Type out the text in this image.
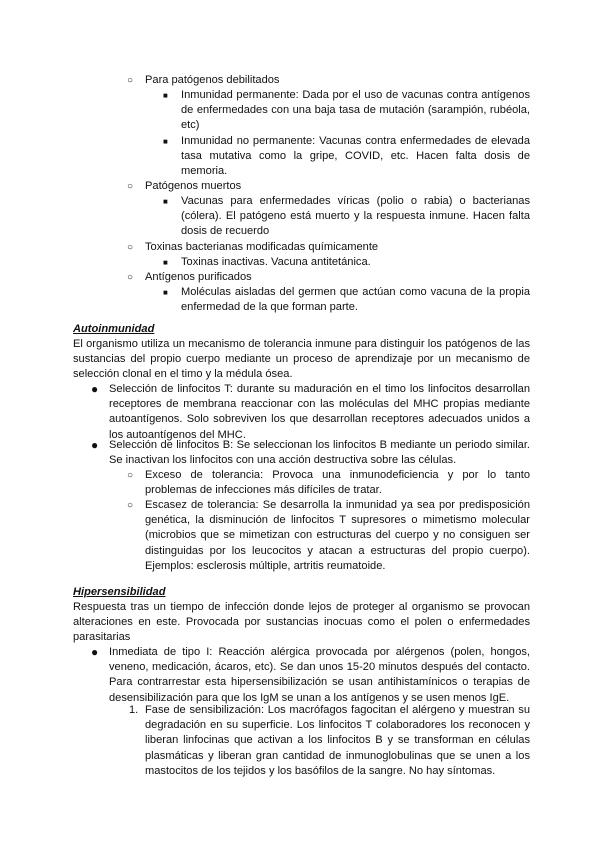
○ Para patógenos debilitados

■ Inmunidad permanente: Dada por el uso de vacunas contra antígenos de enfermedades con una baja tasa de mutación (sarampión, rubéola, etc)

■ Inmunidad no permanente: Vacunas contra enfermedades de elevada tasa mutativa como la gripe, COVID, etc. Hacen falta dosis de memoria.

○ Patógenos muertos

■ Vacunas para enfermedades víricas (polio o rabia) o bacterianas (cólera). El patógeno está muerto y la respuesta inmune. Hacen falta dosis de recuerdo

○ Toxinas bacterianas modificadas químicamente

■ Toxinas inactivas. Vacuna antitetánica.

○ Antígenos purificados

■ Moléculas aisladas del germen que actúan como vacuna de la propia enfermedad de la que forman parte.

Autoinmunidad

El organismo utiliza un mecanismo de tolerancia inmune para distinguir los patógenos de las sustancias del propio cuerpo mediante un proceso de aprendizaje por un mecanismo de selección clonal en el timo y la médula ósea.

● Selección de linfocitos T: durante su maduración en el timo los linfocitos desarrollan receptores de membrana reaccionar con las moléculas del MHC propias mediante autoantígenos. Solo sobreviven los que desarrollan receptores adecuados unidos a los autoantígenos del MHC.

● Selección de linfocitos B: Se seleccionan los linfocitos B mediante un periodo similar. Se inactivan los linfocitos con una acción destructiva sobre las células.

○ Exceso de tolerancia: Provoca una inmunodeficiencia y por lo tanto problemas de infecciones más difíciles de tratar.

○ Escasez de tolerancia: Se desarrolla la inmunidad ya sea por predisposición genética, la disminución de linfocitos T supresores o mimetismo molecular (microbios que se mimetizan con estructuras del cuerpo y no consiguen ser distinguidas por los leucocitos y atacan a estructuras del propio cuerpo). Ejemplos: esclerosis múltiple, artritis reumatoide.

Hipersensibilidad

Respuesta tras un tiempo de infección donde lejos de proteger al organismo se provocan alteraciones en este. Provocada por sustancias inocuas como el polen o enfermedades parasitarias

● Inmediata de tipo I: Reacción alérgica provocada por alérgenos (polen, hongos, veneno, medicación, ácaros, etc). Se dan unos 15-20 minutos después del contacto. Para contrarrestar esta hipersensibilización se usan antihistamínicos o terapias de desensibilización para que los IgM se unan a los antígenos y se usen menos IgE.

1. Fase de sensibilización: Los macrófagos fagocitan el alérgeno y muestran su degradación en su superficie. Los linfocitos T colaboradores los reconocen y liberan linfocinas que activan a los linfocitos B y se transforman en células plasmáticas y liberan gran cantidad de inmunoglobulinas que se unen a los mastocitos de los tejidos y los basófilos de la sangre. No hay síntomas.
